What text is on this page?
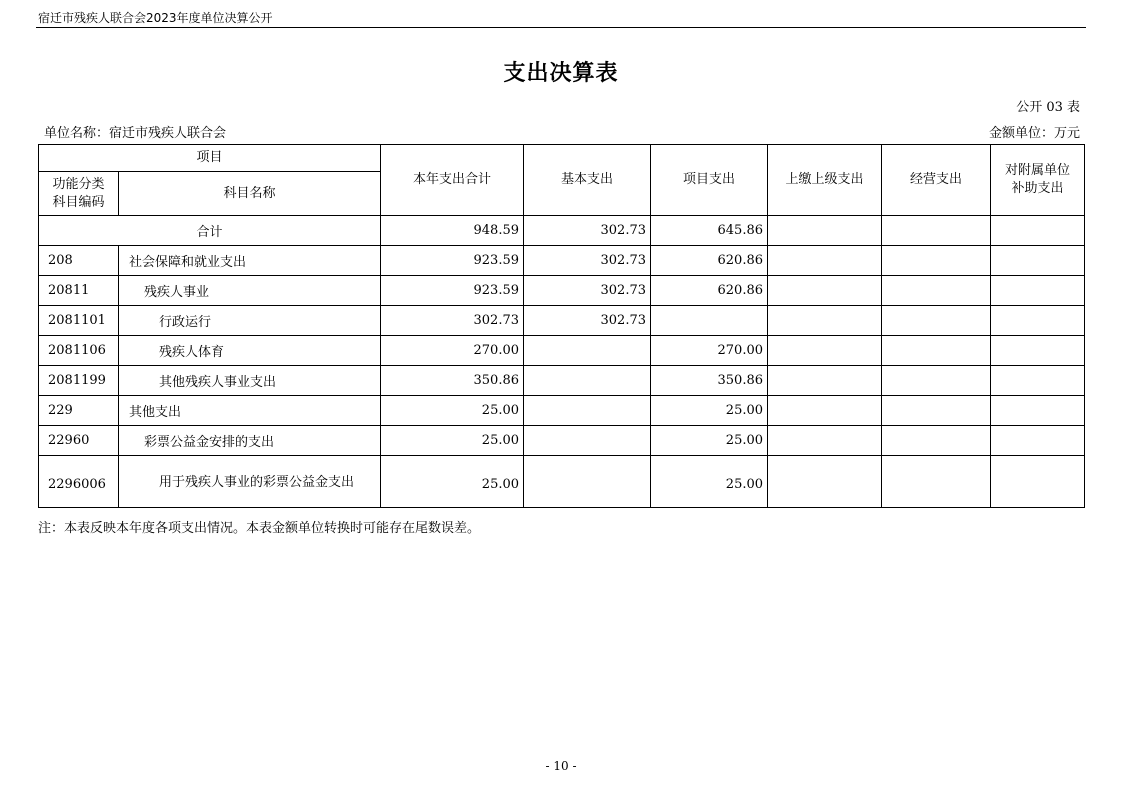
宿迁市残疾人联合会2023年度单位决算公开
支出决算表
公开 03 表
单位名称：宿迁市残疾人联合会	金额单位：万元
项目		本年支出合计	基本支出	项目支出	上缴上级支出	经营支出	对附属单位补助支出
功能分类科目编码	科目名称						
合计		948.59	302.73	645.86			
208	社会保障和就业支出	923.59	302.73	620.86			
20811	残疾人事业	923.59	302.73	620.86			
2081101	行政运行	302.73	302.73				
2081106	残疾人体育	270.00		270.00			
2081199	其他残疾人事业支出	350.86		350.86			
229	其他支出	25.00		25.00			
22960	彩票公益金安排的支出	25.00		25.00			
2296006	用于残疾人事业的彩票公益金支出	25.00		25.00			
注：本表反映本年度各项支出情况。本表金额单位转换时可能存在尾数误差。
- 10 -
